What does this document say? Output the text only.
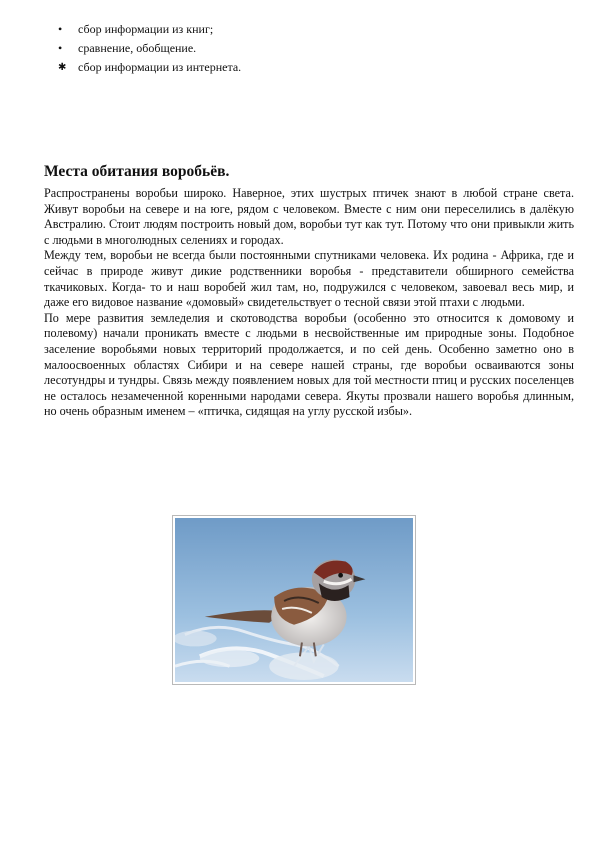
• сбор информации из книг;
• сравнение, обобщение.
✱ сбор информации из интернета.
Места обитания воробьёв.

Распространены воробьи широко. Наверное, этих шустрых птичек знают в любой стране света. Живут воробьи на севере и на юге, рядом с человеком. Вместе с ним они переселились в далёкую Австралию. Стоит людям построить новый дом, воробьи тут как тут. Потому что они привыкли жить с людьми в многолюдных селениях и городах.

Между тем, воробьи не всегда были постоянными спутниками человека. Их родина - Африка, где и сейчас в природе живут дикие родственники воробья - представители обширного семейства ткачиковых. Когда- то и наш воробей жил там, но, подружился с человеком, завоевал весь мир, и даже его видовое название «домовый» свидетельствует о тесной связи этой птахи с людьми.

По мере развития земледелия и скотоводства воробьи (особенно это относится к домовому и полевому) начали проникать вместе с людьми в несвойственные им природные зоны. Подобное заселение воробьями новых территорий продолжается, и по сей день. Особенно заметно оно в малоосвоенных областях Сибири и на севере нашей страны, где воробьи осваиваются зоны лесотундры и тундры. Связь между появлением новых для той местности птиц и русских поселенцев не осталось незамеченной коренными народами севера. Якуты прозвали нашего воробья длинным, но очень образным именем – «птичка, сидящая на углу русской избы».
